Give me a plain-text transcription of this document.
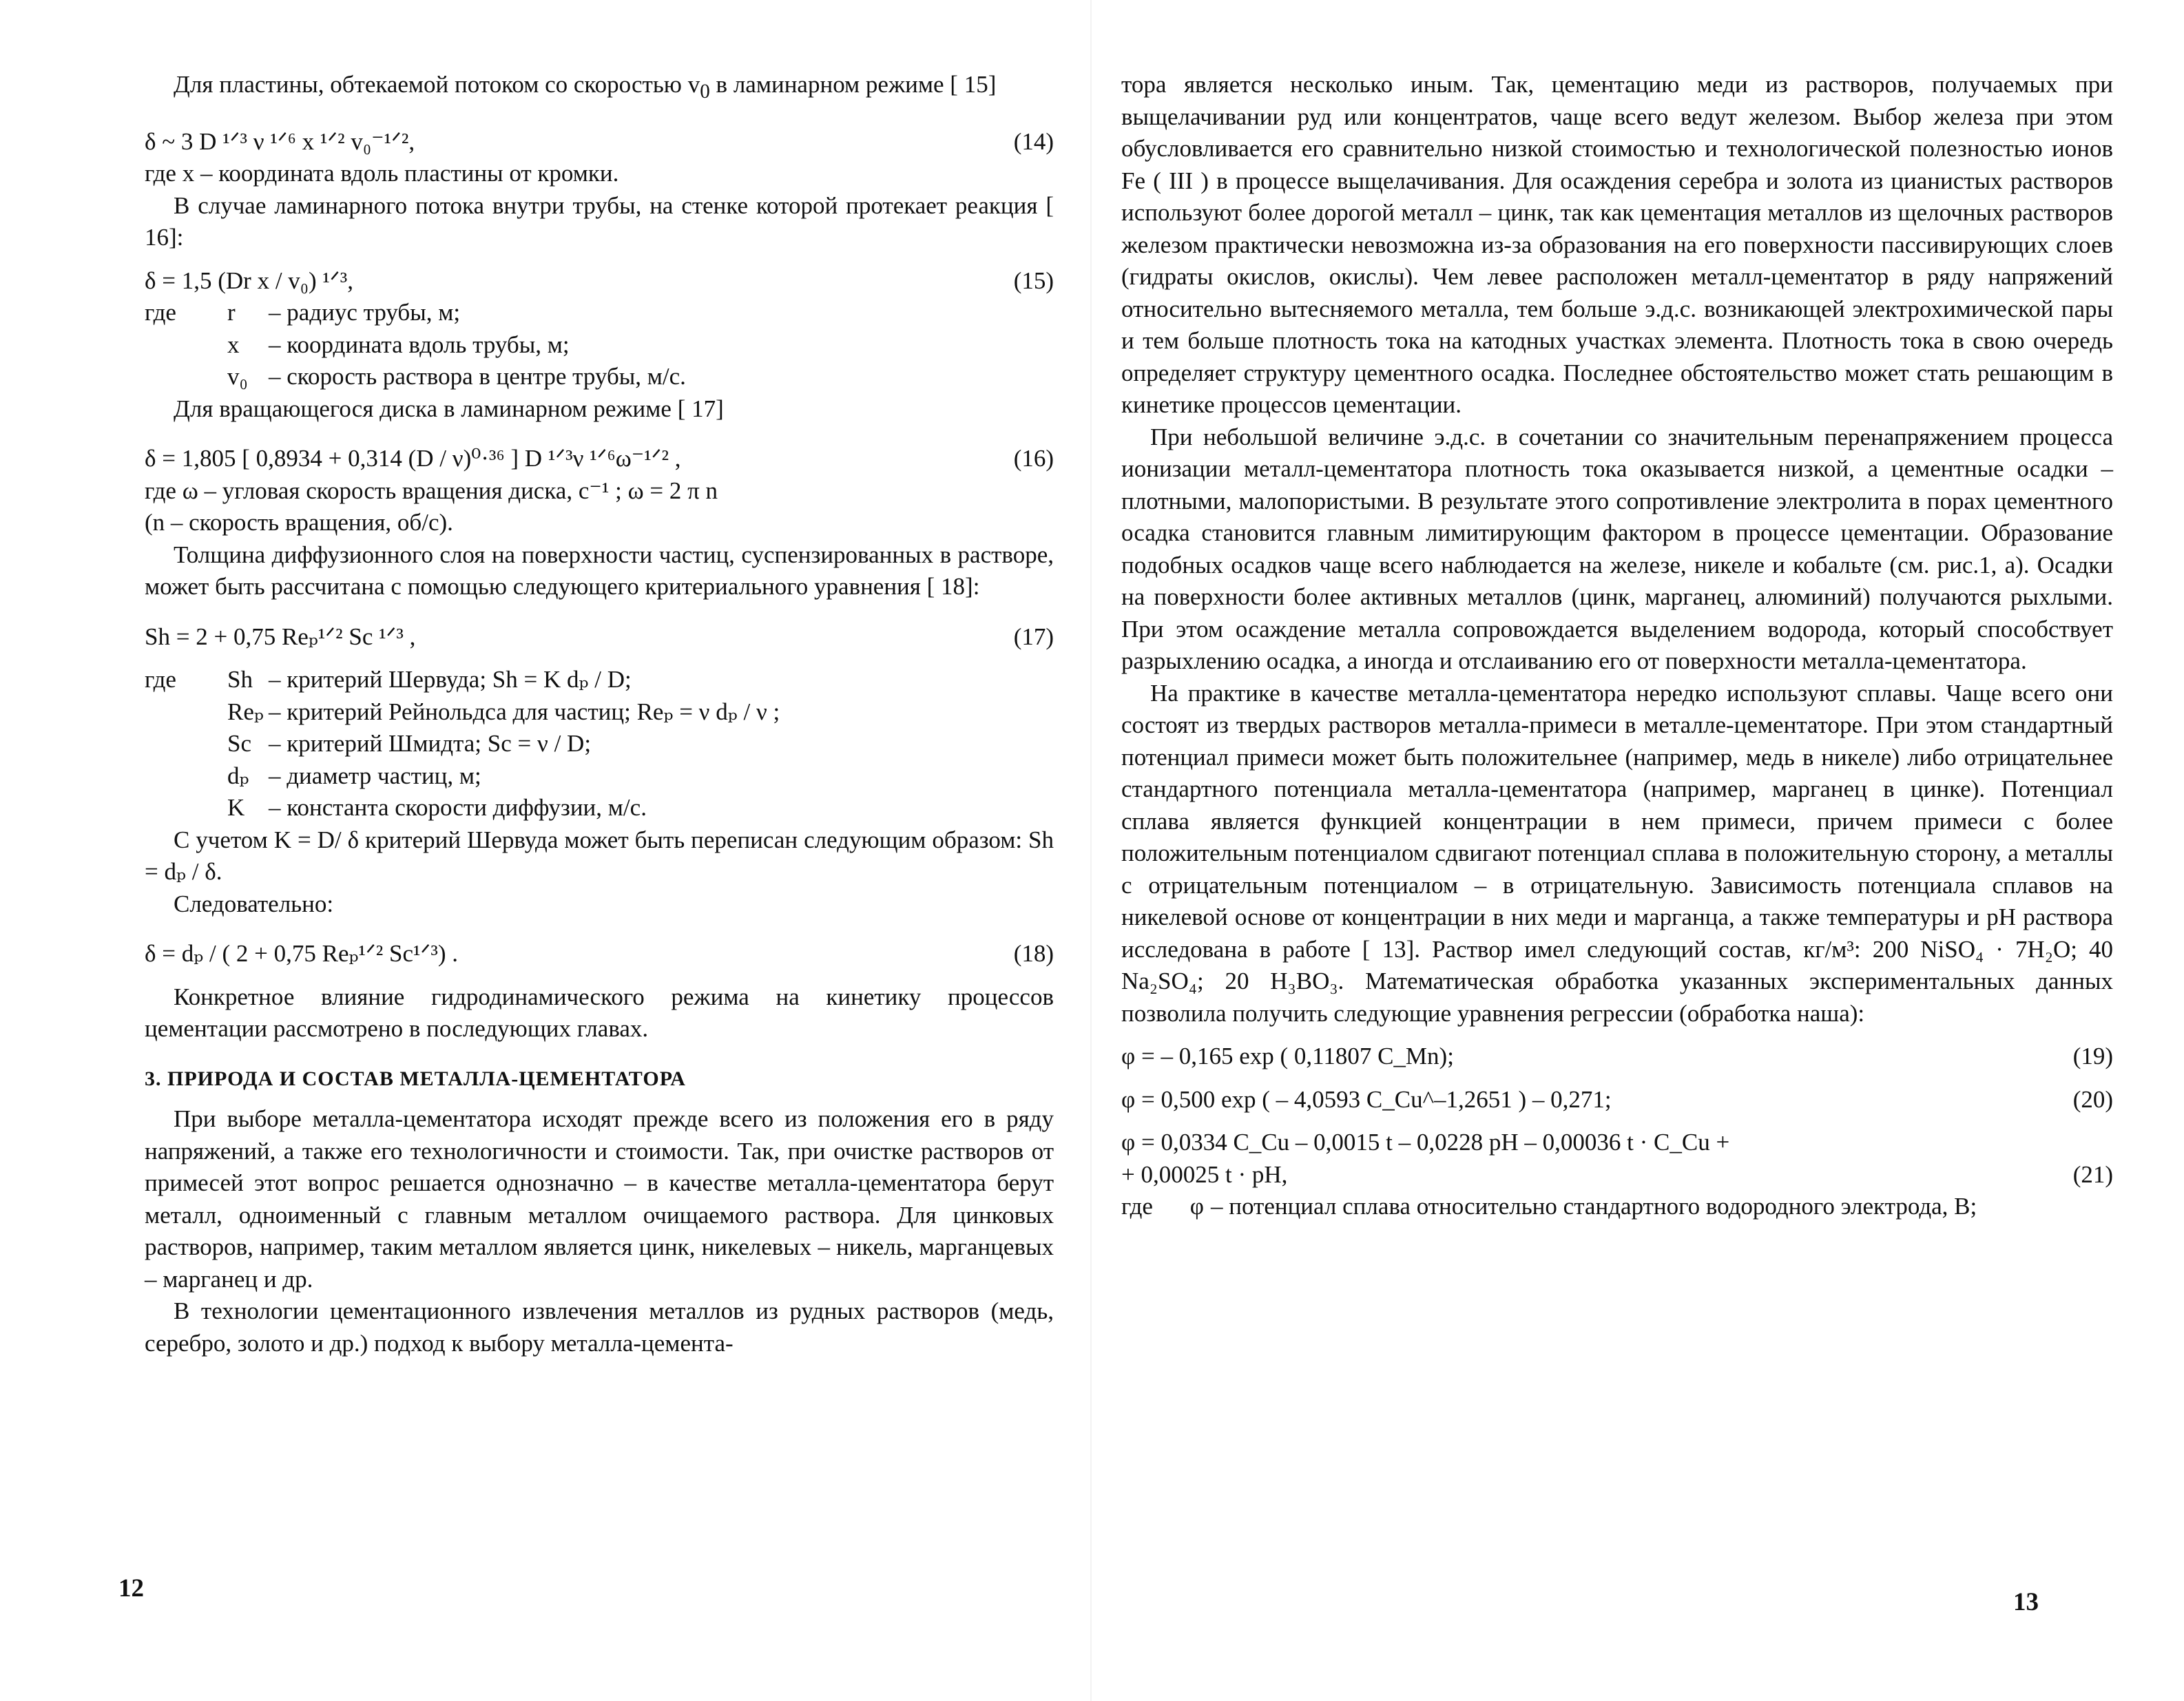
Для пластины, обтекаемой потоком со скоростью $v_0$ в ламинарном режиме [ 15]

δ ~ 3 D ¹ᐟ³ ν ¹ᐟ⁶ x ¹ᐟ² v₀⁻¹ᐟ²,	(14)

где x – координата вдоль пластины от кромки.

В случае ламинарного потока внутри трубы, на стенке которой протекает реакция [ 16]:

δ = 1,5 (Dr x / v₀) ¹ᐟ³,	(15)
где	r	– радиус трубы, м;
x	– координата вдоль трубы, м;
v₀ – скорость раствора в центре трубы, м/с.

Для вращающегося диска в ламинарном режиме [ 17]

δ = 1,805 [ 0,8934 + 0,314 (D / ν)⁰·³⁶ ] D ¹ᐟ³ν ¹ᐟ⁶ω⁻¹ᐟ² ,	(16)

где ω – угловая скорость вращения диска, с⁻¹ ; ω = 2 π n

(n – скорость вращения, об/с).

Толщина диффузионного слоя на поверхности частиц, суспензированных в растворе, может быть рассчитана с помощью следующего критериального уравнения [ 18]:

Sh = 2 + 0,75 Reₚ¹ᐟ² Sc ¹ᐟ³ ,	(17)
где	Sh – критерий Шервуда; Sh = K dₚ / D;
Reₚ – критерий Рейнольдса для частиц; Reₚ = ν dₚ / ν ;
Sc – критерий Шмидта; Sc = ν / D;
dₚ – диаметр частиц, м;
K – константа скорости диффузии, м/с.

С учетом K = D/ δ критерий Шервуда может быть переписан следующим образом: Sh = dₚ / δ.

Следовательно:

δ = dₚ / ( 2 + 0,75 Reₚ¹ᐟ² Sc¹ᐟ³) .	(18)

Конкретное влияние гидродинамического режима на кинетику процессов цементации рассмотрено в последующих главах.

3. ПРИРОДА И СОСТАВ МЕТАЛЛА-ЦЕМЕНТАТОРА

При выборе металла-цементатора исходят прежде всего из положения его в ряду напряжений, а также его технологичности и стоимости. Так, при очистке растворов от примесей этот вопрос решается однозначно – в качестве металла-цементатора берут металл, одноименный с главным металлом очищаемого раствора. Для цинковых растворов, например, таким металлом является цинк, никелевых – никель, марганцевых – марганец и др.

В технологии цементационного извлечения металлов из рудных растворов (медь, серебро, золото и др.) подход к выбору металла-цемента-

12

тора является несколько иным. Так, цементацию меди из растворов, получаемых при выщелачивании руд или концентратов, чаще всего ведут железом. Выбор железа при этом обусловливается его сравнительно низкой стоимостью и технологической полезностью ионов Fe ( III ) в процессе выщелачивания. Для осаждения серебра и золота из цианистых растворов используют более дорогой металл – цинк, так как цементация металлов из щелочных растворов железом практически невозможна из-за образования на его поверхности пассивирующих слоев (гидраты окислов, окислы). Чем левее расположен металл-цементатор в ряду напряжений относительно вытесняемого металла, тем больше э.д.с. возникающей электрохимической пары и тем больше плотность тока на катодных участках элемента. Плотность тока в свою очередь определяет структуру цементного осадка. Последнее обстоятельство может стать решающим в кинетике процессов цементации.

При небольшой величине э.д.с. в сочетании со значительным перенапряжением процесса ионизации металл-цементатора плотность тока оказывается низкой, а цементные осадки – плотными, малопористыми. В результате этого сопротивление электролита в порах цементного осадка становится главным лимитирующим фактором в процессе цементации. Образование подобных осадков чаще всего наблюдается на железе, никеле и кобальте (см. рис.1, а). Осадки на поверхности более активных металлов (цинк, марганец, алюминий) получаются рыхлыми. При этом осаждение металла сопровождается выделением водорода, который способствует разрыхлению осадка, а иногда и отслаиванию его от поверхности металла-цементатора.

На практике в качестве металла-цементатора нередко используют сплавы. Чаще всего они состоят из твердых растворов металла-примеси в металле-цементаторе. При этом стандартный потенциал примеси может быть положительнее (например, медь в никеле) либо отрицательнее стандартного потенциала металла-цементатора (например, марганец в цинке). Потенциал сплава является функцией концентрации в нем примеси, причем примеси с более положительным потенциалом сдвигают потенциал сплава в положительную сторону, а металлы с отрицательным потенциалом – в отрицательную. Зависимость потенциала сплавов на никелевой основе от концентрации в них меди и марганца, а также температуры и pH раствора исследована в работе [ 13]. Раствор имел следующий состав, кг/м³: 200 NiSO₄ · 7H₂O; 40 Na₂SO₄; 20 H₃BO₃. Математическая обработка указанных экспериментальных данных позволила получить следующие уравнения регрессии (обработка наша):

φ = – 0,165 exp ( 0,11807 C_Mn);	(19)
φ = 0,500 exp ( – 4,0593 C_Cu^–1,2651 ) – 0,271;	(20)

φ = 0,0334 C_Cu – 0,0015 t – 0,0228 pH – 0,00036 t · C_Cu +

+ 0,00025 t · pH,	(21)
где	φ – потенциал сплава относительно стандартного водородного электрода, В;
13
